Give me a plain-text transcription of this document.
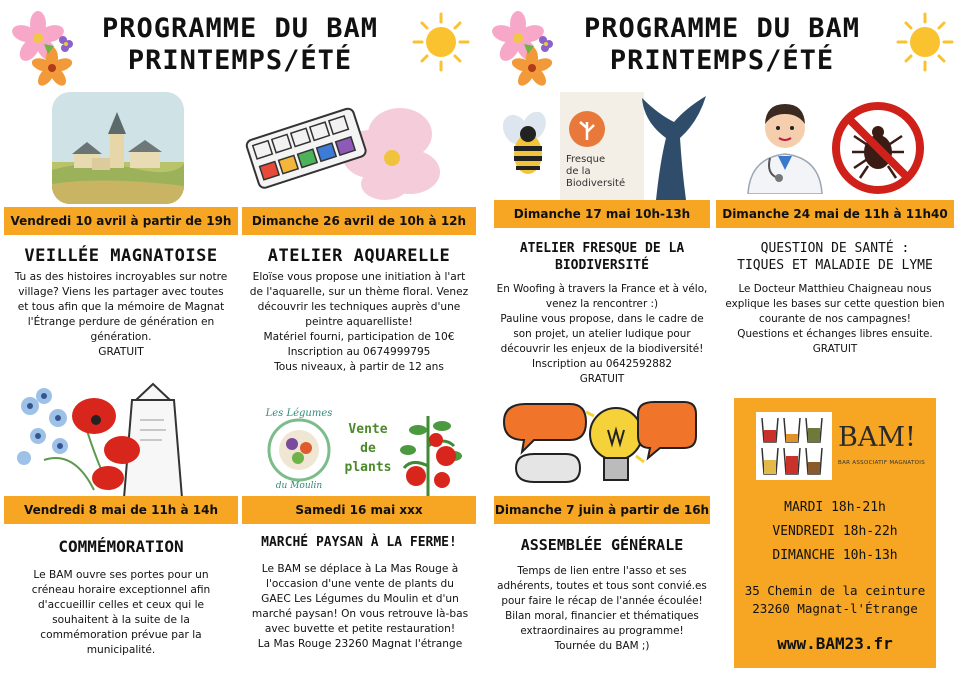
PROGRAMME DU BAM
PRINTEMPS/ÉTÉ
PROGRAMME DU BAM
PRINTEMPS/ÉTÉ
Vendredi 10 avril à partir de 19h	Dimanche 26 avril de 10h à 12h
VEILLÉE MAGNATOISE
Tu as des histoires incroyables sur notre village? Viens les partager avec toutes et tous afin que la mémoire de Magnat l'Étrange perdure de génération en génération.
GRATUIT
ATELIER AQUARELLE
Eloïse vous propose une initiation à l'art de l'aquarelle, sur un thème floral. Venez découvrir les techniques auprès d'une peintre aquarelliste!
Matériel fourni, participation de 10€
Inscription au 0674999795
Tous niveaux, à partir de 12 ans
Les Légumes
du Moulin
Vente
de
plants
Vendredi 8 mai de 11h à 14h	Samedi 16 mai xxx
COMMÉMORATION
Le BAM ouvre ses portes pour un créneau horaire exceptionnel afin d'accueillir celles et ceux qui le souhaitent à la suite de la commémoration prévue par la municipalité.
MARCHÉ PAYSAN À LA FERME!
Le BAM se déplace à La Mas Rouge à l'occasion d'une vente de plants du GAEC Les Légumes du Moulin et d'un marché paysan! On vous retrouve là-bas avec buvette et petite restauration!
La Mas Rouge 23260 Magnat l'étrange
Fresque
de la
Biodiversité
Dimanche 17 mai 10h-13h	Dimanche 24 mai de 11h à 11h40
ATELIER FRESQUE DE LA
BIODIVERSITÉ
En Woofing à travers la France et à vélo, venez la rencontrer :)
Pauline vous propose, dans le cadre de son projet, un atelier ludique pour découvrir les enjeux de la biodiversité!
Inscription au 0642592882
GRATUIT
QUESTION DE SANTÉ :
TIQUES ET MALADIE DE LYME
Le Docteur Matthieu Chaigneau nous explique les bases sur cette question bien courante de nos campagnes!
Questions et échanges libres ensuite.
GRATUIT
Dimanche 7 juin à partir de 16h
ASSEMBLÉE GÉNÉRALE
Temps de lien entre l'asso et ses adhérents, toutes et tous sont convié.es pour faire le récap de l'année écoulée!
Bilan moral, financier et thématiques extraordinaires au programme!
Tournée du BAM ;)
BAM!
BAR ASSOCIATIF MAGNATOIS
MARDI 18h-21h
VENDREDI 18h-22h
DIMANCHE 10h-13h
35 Chemin de la ceinture
23260 Magnat-l'Étrange
www.BAM23.fr
